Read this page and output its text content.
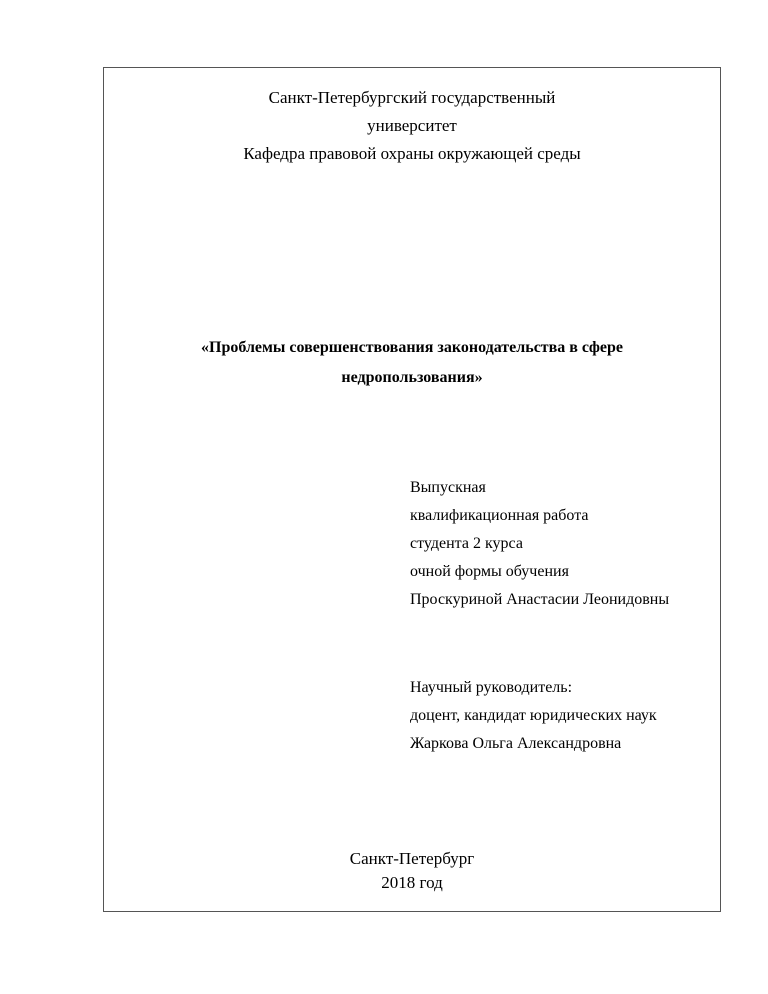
Санкт-Петербургский государственный
университет
Кафедра правовой охраны окружающей среды
«Проблемы совершенствования законодательства в сфере
недропользования»
Выпускная
квалификационная работа
студента 2 курса
очной формы обучения
Проскуриной Анастасии Леонидовны
Научный руководитель:
доцент, кандидат юридических наук
Жаркова Ольга Александровна
Санкт-Петербург
2018 год
